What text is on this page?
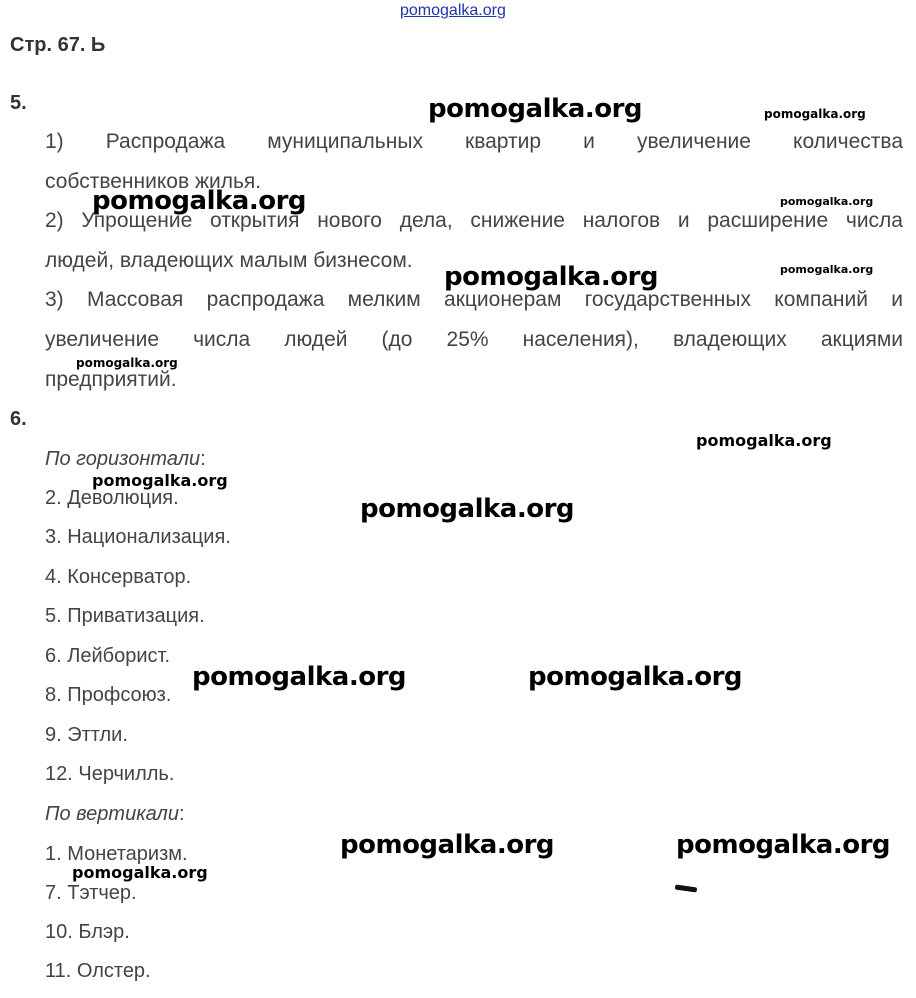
pomogalka.org
Стр. 67. Ь
5.
1) Распродажа муниципальных квартир и увеличение количества
собственников жилья.
2) Упрощение открытия нового дела, снижение налогов и расширение числа
людей, владеющих малым бизнесом.
3) Массовая распродажа мелким акционерам государственных компаний и
увеличение числа людей (до 25% населения), владеющих акциями
предприятий.
6.
По горизонтали:
2. Деволюция.
3. Национализация.
4. Консерватор.
5. Приватизация.
6. Лейборист.
8. Профсоюз.
9. Эттли.
12. Черчилль.
По вертикали:
1. Монетаризм.
7. Тэтчер.
10. Блэр.
11. Олстер.
pomogalka.org	pomogalka.org
pomogalka.org	pomogalka.org
pomogalka.org	pomogalka.org
pomogalka.org
pomogalka.org
pomogalka.org
pomogalka.org
pomogalka.org	pomogalka.org
pomogalka.org	pomogalka.org
pomogalka.org
